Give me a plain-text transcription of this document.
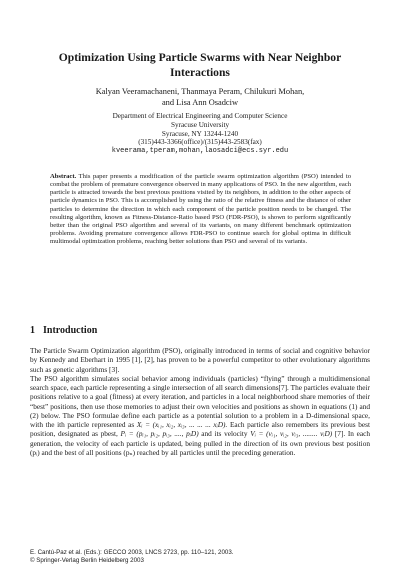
Optimization Using Particle Swarms with Near Neighbor
Interactions
Kalyan Veeramachaneni, Thanmaya Peram, Chilukuri Mohan,
and Lisa Ann Osadciw
Department of Electrical Engineering and Computer Science
Syracuse University
Syracuse, NY 13244-1240
(315)443-3366(office)/(315)443-2583(fax)
kveerama,tperam,mohan,laosadci@ecs.syr.edu
Abstract. This paper presents a modification of the particle swarm optimization algorithm (PSO) intended to combat the problem of premature convergence observed in many applications of PSO. In the new algorithm, each particle is attracted towards the best previous positions visited by its neighbors, in addition to the other aspects of particle dynamics in PSO. This is accomplished by using the ratio of the relative fitness and the distance of other particles to determine the direction in which each component of the particle position needs to be changed. The resulting algorithm, known as Fitness-Distance-Ratio based PSO (FDR-PSO), is shown to perform significantly better than the original PSO algorithm and several of its variants, on many different benchmark optimization problems. Avoiding premature convergence allows FDR-PSO to continue search for global optima in difficult multimodal optimization problems, reaching better solutions than PSO and several of its variants.
1 Introduction

The Particle Swarm Optimization algorithm (PSO), originally introduced in terms of social and cognitive behavior by Kennedy and Eberhart in 1995 [1], [2], has proven to be a powerful competitor to other evolutionary algorithms such as genetic algorithms [3].

The PSO algorithm simulates social behavior among individuals (particles) “flying” through a multidimensional search space, each particle representing a single intersection of all search dimensions[7]. The particles evaluate their positions relative to a goal (fitness) at every iteration, and particles in a local neighborhood share memories of their “best” positions, then use those memories to adjust their own velocities and positions as shown in equations (1) and (2) below. The PSO formulae define each particle as a potential solution to a problem in a D-dimensional space, with the ith particle represented as Xᵢ = (xᵢ₁, xᵢ₂, xᵢ₃, ... ... ... xᵢD). Each particle also remembers its previous best position, designated as pbest, Pᵢ = (pᵢ₁, pᵢ₂, pᵢ₃, ...., pᵢD) and its velocity Vᵢ = (vᵢ₁, vᵢ₂, vᵢ₃, ........ vᵢD) [7]. In each generation, the velocity of each particle is updated, being pulled in the direction of its own previous best position (pᵢ) and the best of all positions (pₙ) reached by all particles until the preceding generation.

E. Cantú-Paz et al. (Eds.): GECCO 2003, LNCS 2723, pp. 110–121, 2003.
© Springer-Verlag Berlin Heidelberg 2003
